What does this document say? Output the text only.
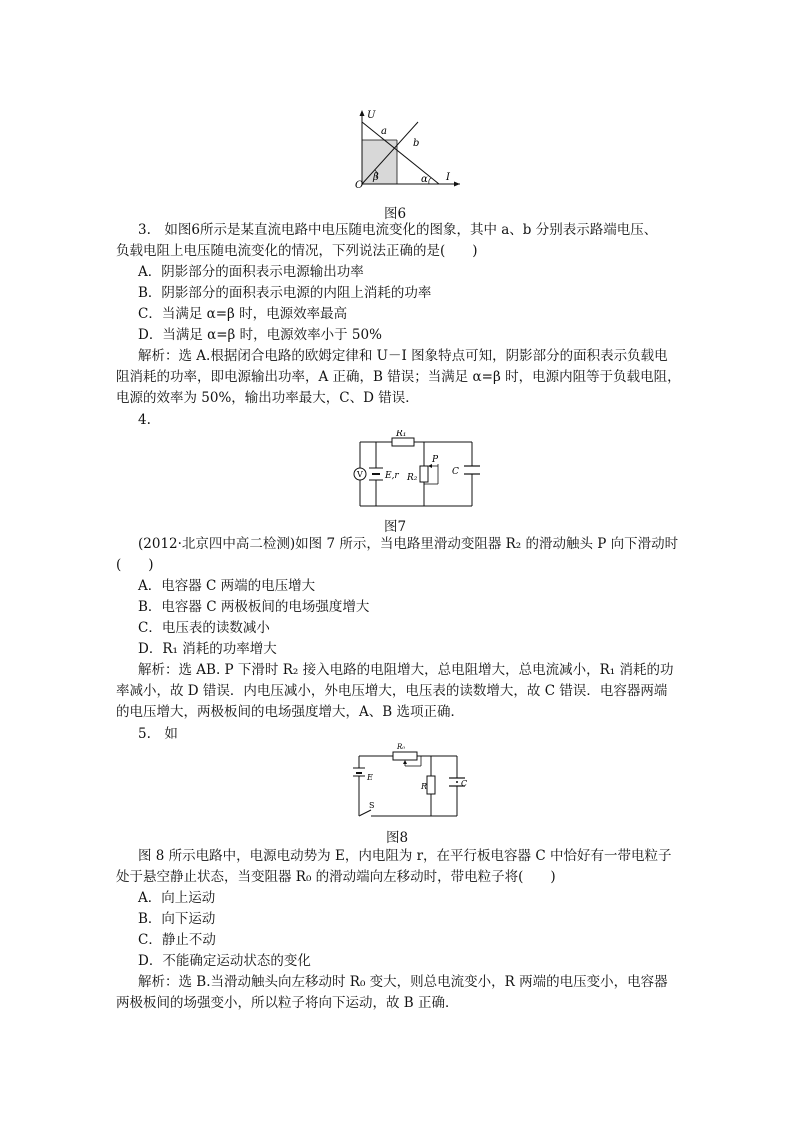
U
a
b
O
β	α I
图6
3.　如图6所示是某直流电路中电压随电流变化的图象，其中 a、b 分别表示路端电压、
负载电阻上电压随电流变化的情况，下列说法正确的是(　　)
A．阴影部分的面积表示电源输出功率
B．阴影部分的面积表示电源的内阻上消耗的功率
C．当满足 α=β 时，电源效率最高
D．当满足 α=β 时，电源效率小于 50%
解析：选 A.根据闭合电路的欧姆定律和 U－I 图象特点可知，阴影部分的面积表示负载电
阻消耗的功率，即电源输出功率，A 正确，B 错误；当满足 α=β 时，电源内阻等于负载电阻，
电源的效率为 50%，输出功率最大，C、D 错误．
4.
V
R₁
R₂
P
C
E,r
图7
(2012·北京四中高二检测)如图 7 所示，当电路里滑动变阻器 R₂ 的滑动触头 P 向下滑动时
(　　)
A．电容器 C 两端的电压增大
B．电容器 C 两极板间的电场强度增大
C．电压表的读数减小
D．R₁ 消耗的功率增大
解析：选 AB. P 下滑时 R₂ 接入电路的电阻增大，总电阻增大，总电流减小，R₁ 消耗的功
率减小，故 D 错误．内电压减小，外电压增大，电压表的读数增大，故 C 错误．电容器两端
的电压增大，两极板间的电场强度增大，A、B 选项正确．
5.　如
R₀
E
R	C
S
图8
图 8 所示电路中，电源电动势为 E，内电阻为 r，在平行板电容器 C 中恰好有一带电粒子
处于悬空静止状态，当变阻器 R₀ 的滑动端向左移动时，带电粒子将(　　)
A．向上运动
B．向下运动
C．静止不动
D．不能确定运动状态的变化
解析：选 B.当滑动触头向左移动时 R₀ 变大，则总电流变小，R 两端的电压变小，电容器
两极板间的场强变小，所以粒子将向下运动，故 B 正确．
